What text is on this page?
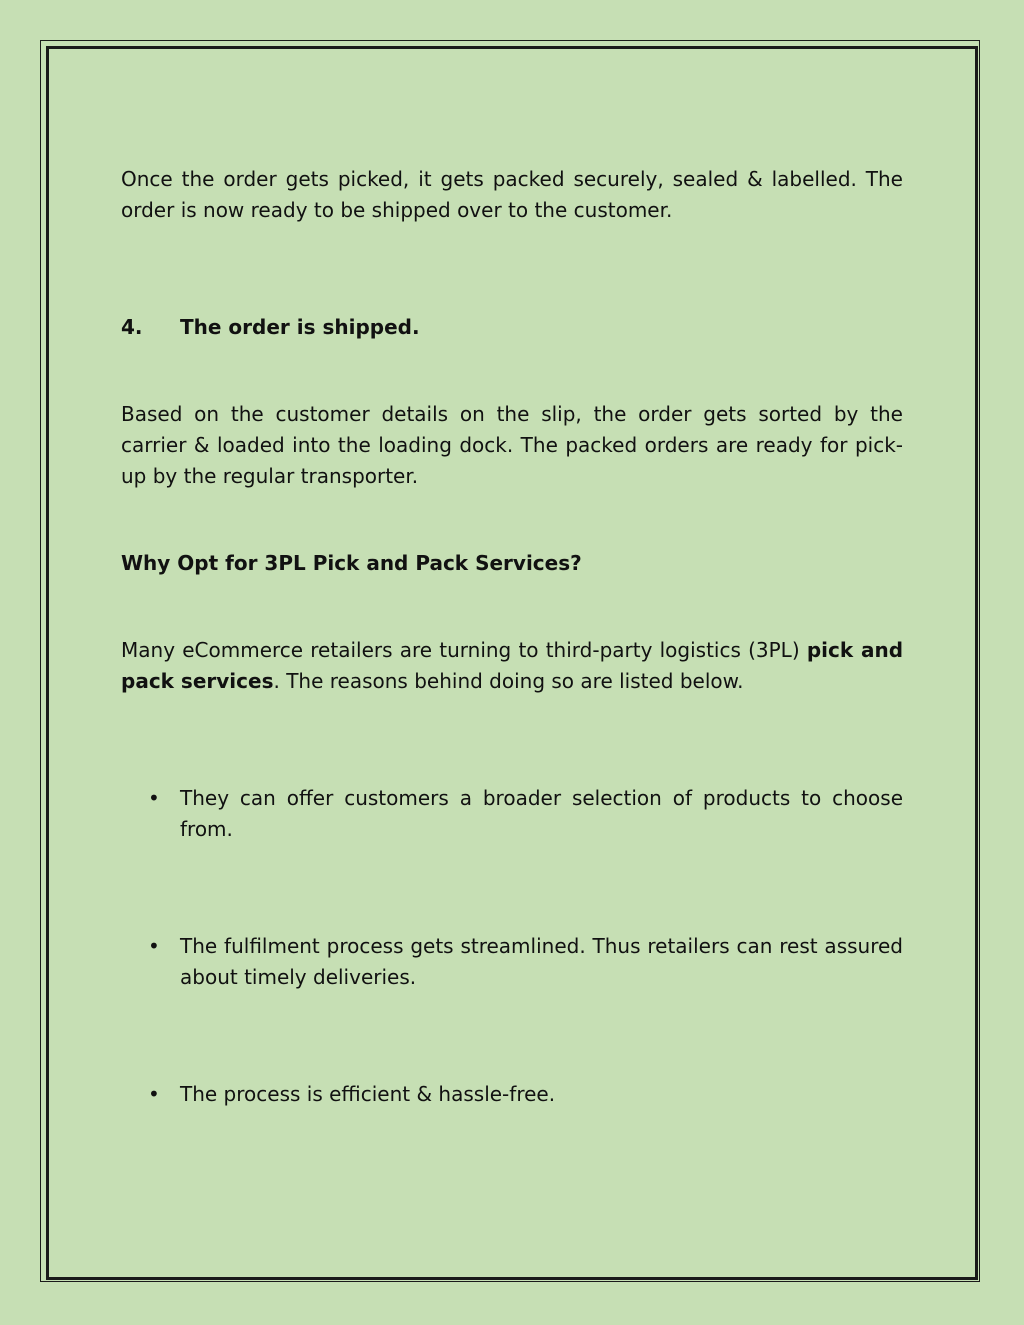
Once the order gets picked, it gets packed securely, sealed & labelled. The order is now ready to be shipped over to the customer.

4. The order is shipped.

Based on the customer details on the slip, the order gets sorted by the carrier & loaded into the loading dock. The packed orders are ready for pick-up by the regular transporter.

Why Opt for 3PL Pick and Pack Services?

Many eCommerce retailers are turning to third-party logistics (3PL) pick and pack services. The reasons behind doing so are listed below.

•	They can offer customers a broader selection of products to choose from.
•	The fulfilment process gets streamlined. Thus retailers can rest assured about timely deliveries.
•	The process is efficient & hassle-free.
